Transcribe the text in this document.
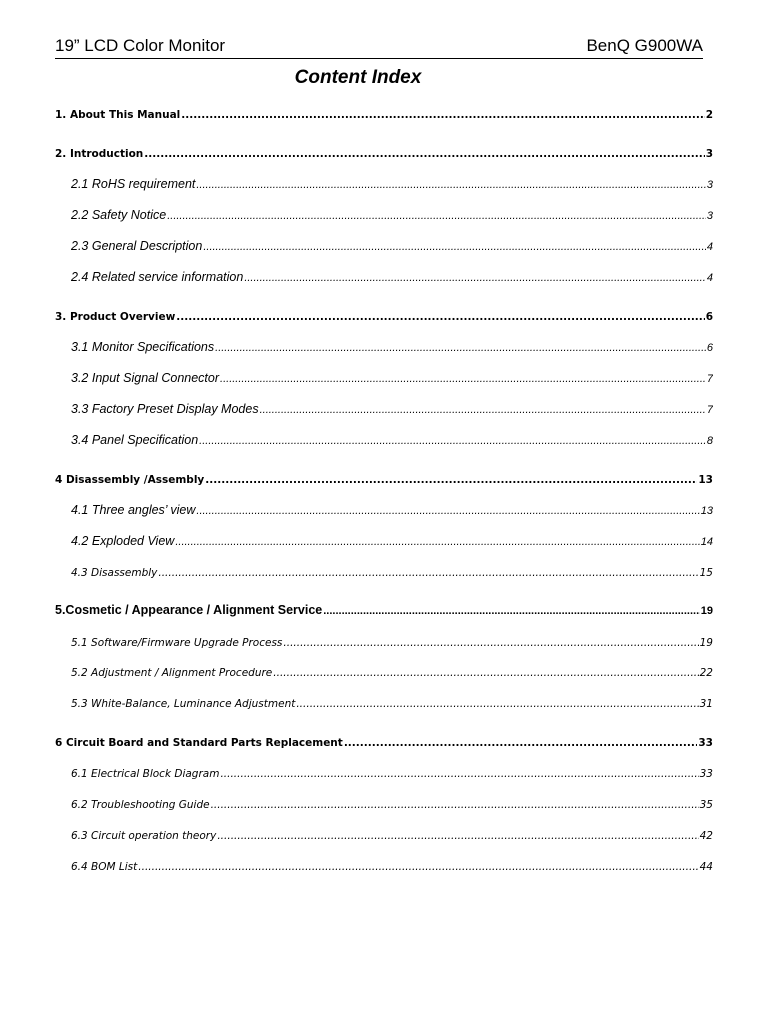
19” LCD Color Monitor	BenQ G900WA
Content Index
1. About This Manual .....	2
2. Introduction .....	3
2.1 RoHS requirement .....	3
2.2 Safety Notice .....	3
2.3 General Description .....	4
2.4 Related service information .....	4
3. Product Overview .....	6
3.1 Monitor Specifications .....	6
3.2 Input Signal Connector .....	7
3.3 Factory Preset Display Modes .....	7
3.4 Panel Specification .....	8
4 Disassembly /Assembly .....	13
4.1 Three angles’ view .....	13
4.2 Exploded View .....	14
4.3 Disassembly .....	15
5.Cosmetic / Appearance / Alignment Service .....	19
5.1 Software/Firmware Upgrade Process .....	19
5.2 Adjustment / Alignment Procedure .....	22
5.3 White-Balance, Luminance Adjustment .....	31
6 Circuit Board and Standard Parts Replacement .....	33
6.1 Electrical Block Diagram .....	33
6.2 Troubleshooting Guide .....	35
6.3 Circuit operation theory .....	42
6.4 BOM List .....	44
